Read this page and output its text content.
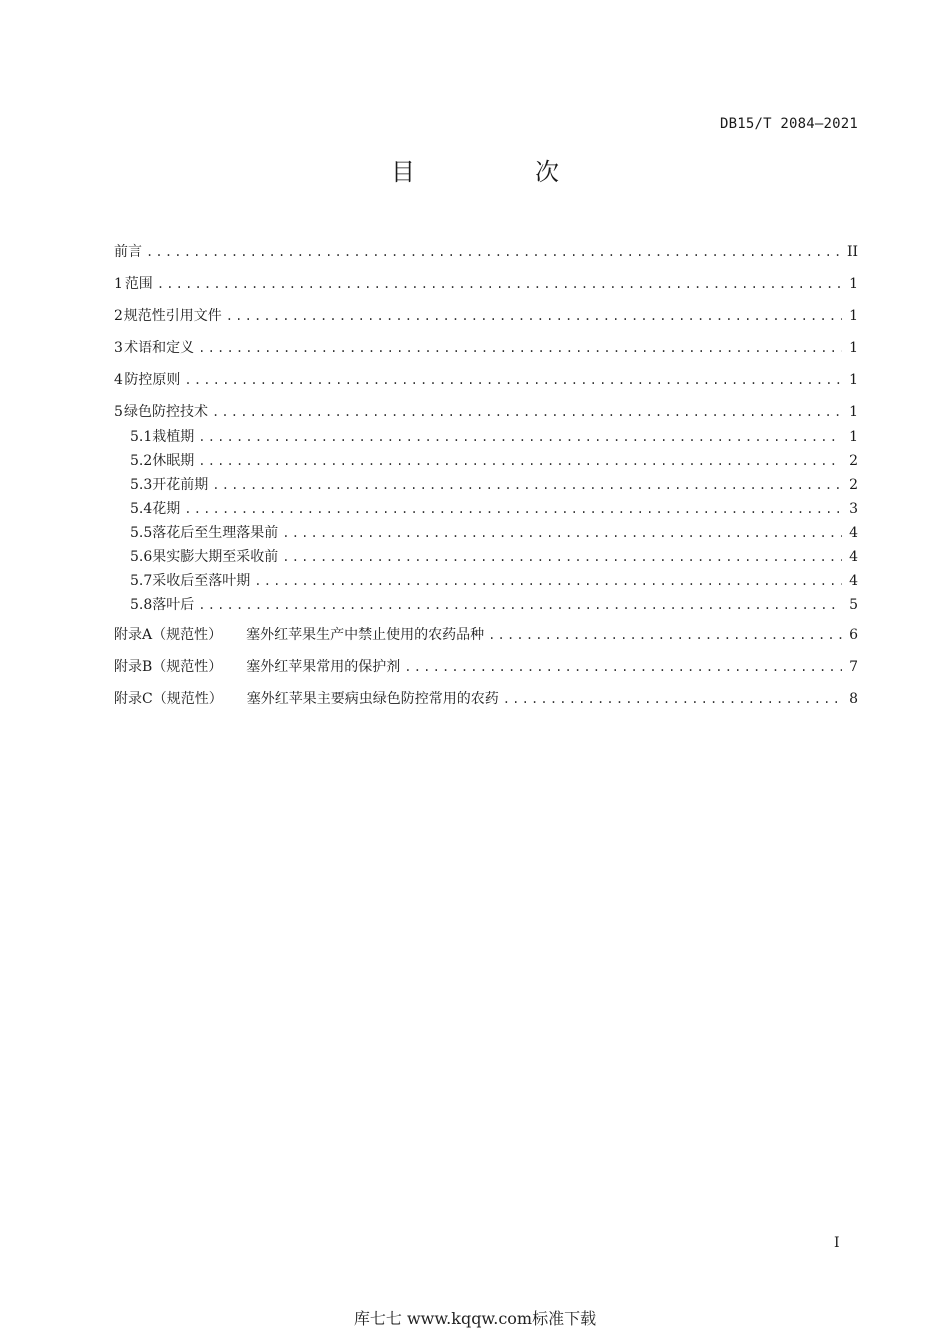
DB15/T 2084—2021
目　次
前言 .....	II
1 范围 .....	1
2 规范性引用文件 .....	1
3 术语和定义 .....	1
4 防控原则 .....	1
5 绿色防控技术 .....	1
5.1 栽植期 .....	1
5.2 休眠期 .....	2
5.3 开花前期 .....	2
5.4 花期 .....	3
5.5 落花后至生理落果前 .....	4
5.6 果实膨大期至采收前 .....	4
5.7 采收后至落叶期 .....	4
5.8 落叶后 .....	5
附录A（规范性） 塞外红苹果生产中禁止使用的农药品种 .....	6
附录B（规范性） 塞外红苹果常用的保护剂 .....	7
附录C（规范性） 塞外红苹果主要病虫绿色防控常用的农药 .....	8
I
库七七 www.kqqw.com标准下载
